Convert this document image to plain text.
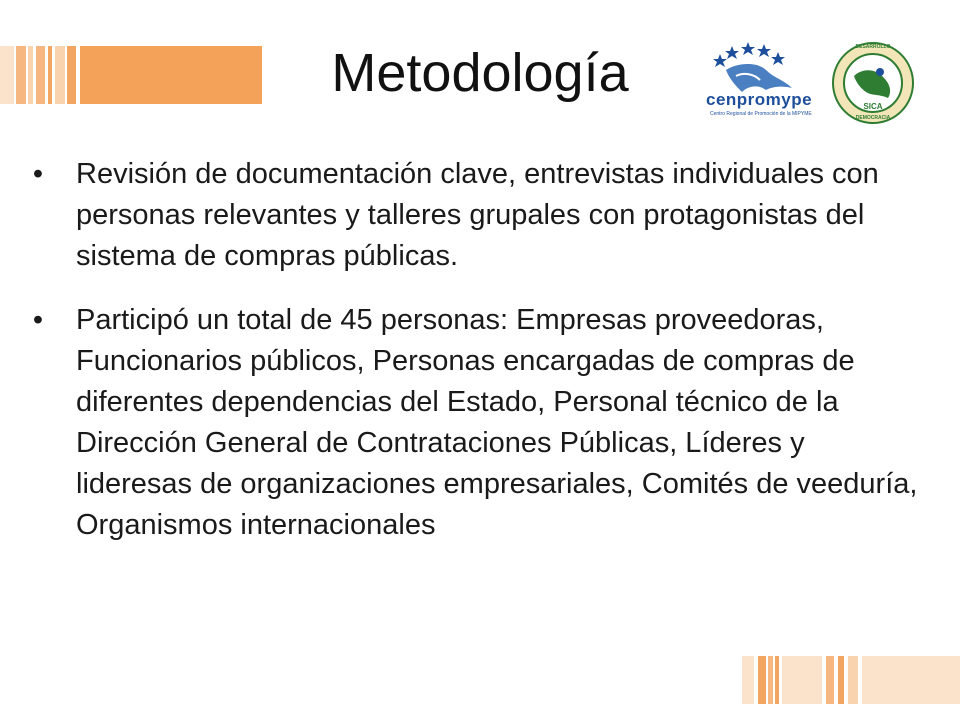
Metodología	cenpromype
Centro Regional de Promoción de la MIPYME
SICA
DESARROLLO
DEMOCRACIA
• Revisión de documentación clave, entrevistas individuales con personas relevantes y talleres grupales con protagonistas del sistema de compras públicas.
• Participó un total de 45 personas: Empresas proveedoras, Funcionarios públicos, Personas encargadas de compras de diferentes dependencias del Estado, Personal técnico de la Dirección General de Contrataciones Públicas, Líderes y lideresas de organizaciones empresariales, Comités de veeduría, Organismos internacionales
